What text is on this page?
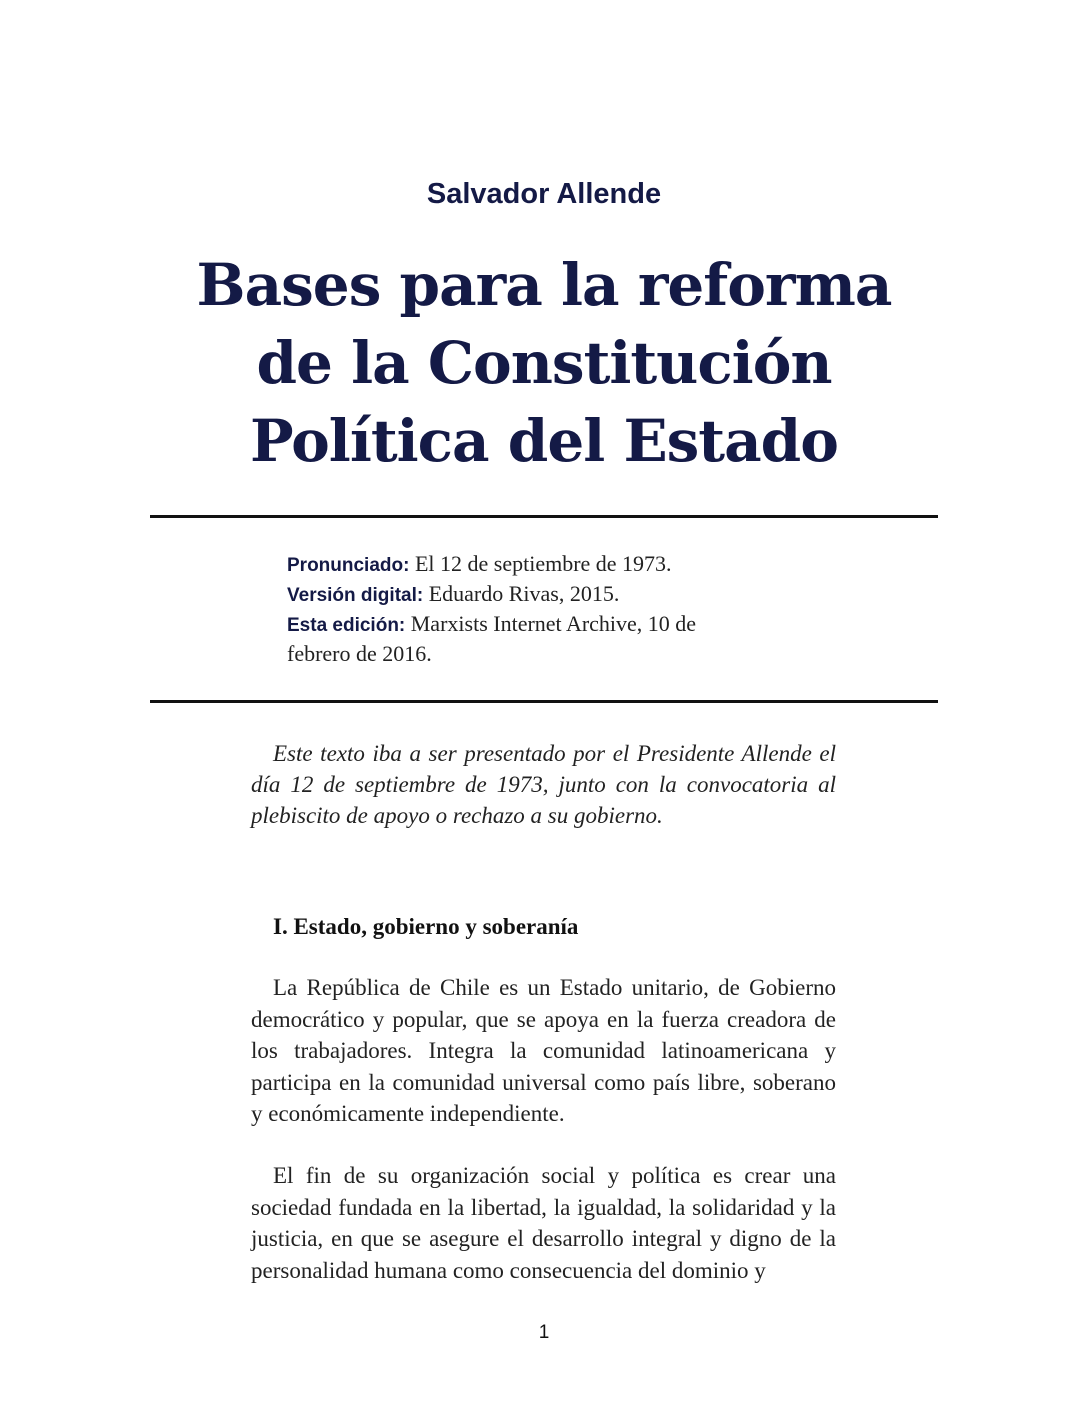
Salvador Allende
Bases para la reforma
de la Constitución
Política del Estado
Pronunciado: El 12 de septiembre de 1973.
Versión digital: Eduardo Rivas, 2015.
Esta edición: Marxists Internet Archive, 10 de febrero de 2016.

Este texto iba a ser presentado por el Presidente Allende el día 12 de septiembre de 1973, junto con la convocatoria al plebiscito de apoyo o rechazo a su gobierno.

I. Estado, gobierno y soberanía

La República de Chile es un Estado unitario, de Gobierno democrático y popular, que se apoya en la fuerza creadora de los trabajadores. Integra la comunidad latinoamericana y participa en la comunidad universal como país libre, soberano y económicamente independiente.

El fin de su organización social y política es crear una sociedad fundada en la libertad, la igualdad, la solidaridad y la justicia, en que se asegure el desarrollo integral y digno de la personalidad humana como consecuencia del dominio y

1
